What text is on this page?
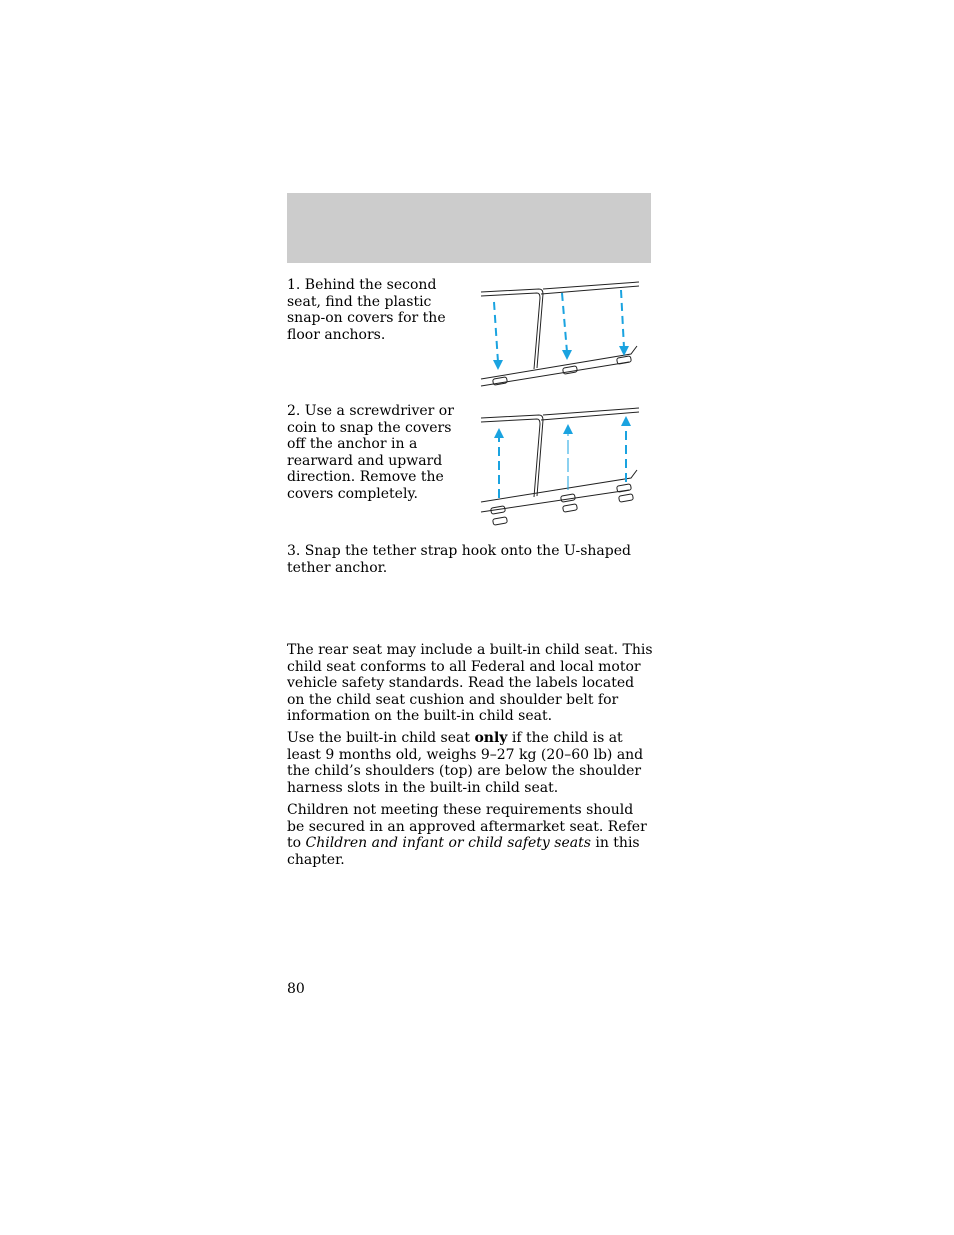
1. Behind the second seat, find the plastic snap-on covers for the floor anchors.

2. Use a screwdriver or coin to snap the covers off the anchor in a rearward and upward direction. Remove the covers completely.

3. Snap the tether strap hook onto the U-shaped tether anchor.

The rear seat may include a built-in child seat. This child seat conforms to all Federal and local motor vehicle safety standards. Read the labels located on the child seat cushion and shoulder belt for information on the built-in child seat.

Use the built-in child seat only if the child is at least 9 months old, weighs 9–27 kg (20–60 lb) and the child’s shoulders (top) are below the shoulder harness slots in the built-in child seat.

Children not meeting these requirements should be secured in an approved aftermarket seat. Refer to Children and infant or child safety seats in this chapter.

80
